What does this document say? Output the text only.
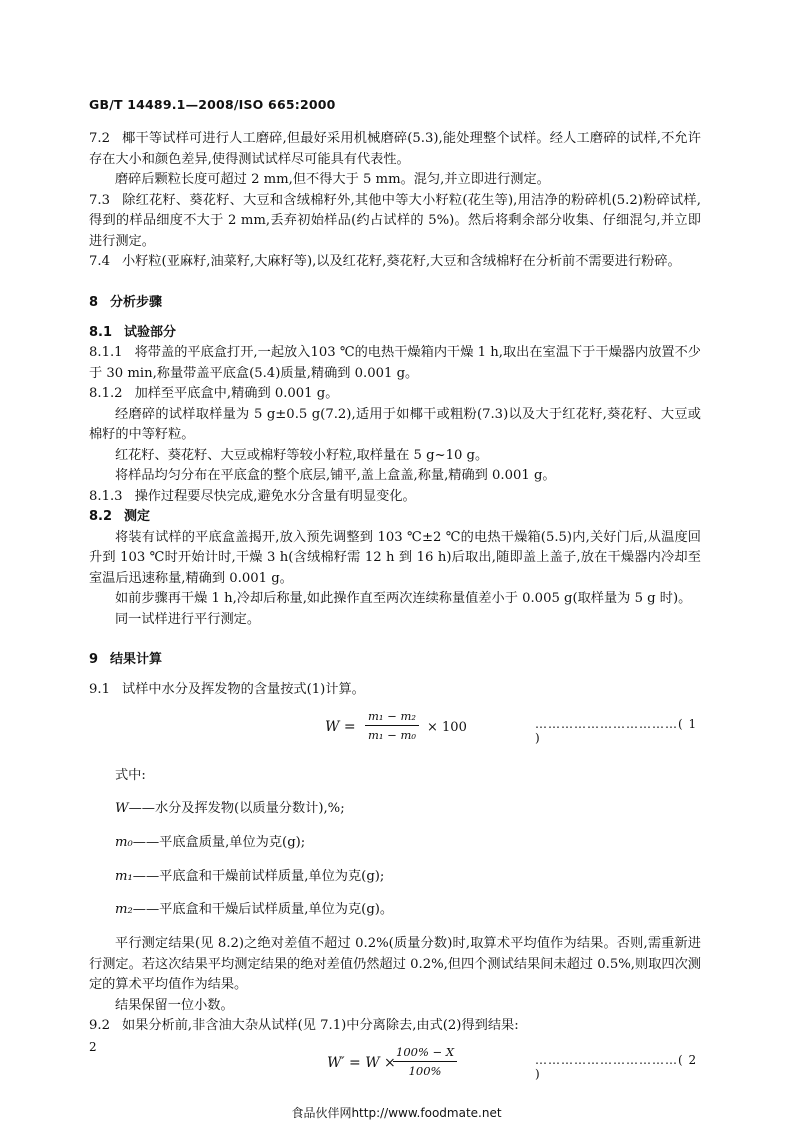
GB/T 14489.1—2008/ISO 665:2000

7.2 椰干等试样可进行人工磨碎,但最好采用机械磨碎(5.3),能处理整个试样。经人工磨碎的试样,不允许存在大小和颜色差异,使得测试试样尽可能具有代表性。

磨碎后颗粒长度可超过 2 mm,但不得大于 5 mm。混匀,并立即进行测定。

7.3 除红花籽、葵花籽、大豆和含绒棉籽外,其他中等大小籽粒(花生等),用洁净的粉碎机(5.2)粉碎试样,得到的样品细度不大于 2 mm,丢弃初始样品(约占试样的 5%)。然后将剩余部分收集、仔细混匀,并立即进行测定。

7.4 小籽粒(亚麻籽,油菜籽,大麻籽等),以及红花籽,葵花籽,大豆和含绒棉籽在分析前不需要进行粉碎。

8 分析步骤
8.1 试验部分

8.1.1 将带盖的平底盒打开,一起放入103 ℃的电热干燥箱内干燥 1 h,取出在室温下于干燥器内放置不少于 30 min,称量带盖平底盒(5.4)质量,精确到 0.001 g。

8.1.2 加样至平底盒中,精确到 0.001 g。

经磨碎的试样取样量为 5 g±0.5 g(7.2),适用于如椰干或粗粉(7.3)以及大于红花籽,葵花籽、大豆或棉籽的中等籽粒。

红花籽、葵花籽、大豆或棉籽等较小籽粒,取样量在 5 g~10 g。

将样品均匀分布在平底盒的整个底层,铺平,盖上盒盖,称量,精确到 0.001 g。

8.1.3 操作过程要尽快完成,避免水分含量有明显变化。

8.2 测定

将装有试样的平底盒盖揭开,放入预先调整到 103 ℃±2 ℃的电热干燥箱(5.5)内,关好门后,从温度回升到 103 ℃时开始计时,干燥 3 h(含绒棉籽需 12 h 到 16 h)后取出,随即盖上盖子,放在干燥器内冷却至室温后迅速称量,精确到 0.001 g。

如前步骤再干燥 1 h,冷却后称量,如此操作直至两次连续称量值差小于 0.005 g(取样量为 5 g 时)。

同一试样进行平行测定。

9 结果计算

9.1 试样中水分及挥发物的含量按式(1)计算。

$W = \frac{\text{m₁ − m₂}}{\text{m₁ − m₀}} \times 100$	……………………………( 1 )

式中:

W——水分及挥发物(以质量分数计),%;

m₀——平底盒质量,单位为克(g);

m₁——平底盒和干燥前试样质量,单位为克(g);

m₂——平底盒和干燥后试样质量,单位为克(g)。

平行测定结果(见 8.2)之绝对差值不超过 0.2%(质量分数)时,取算术平均值作为结果。否则,需重新进行测定。若这次结果平均测定结果的绝对差值仍然超过 0.2%,但四个测试结果间未超过 0.5%,则取四次测定的算术平均值作为结果。

结果保留一位小数。

9.2 如果分析前,非含油大杂从试样(见 7.1)中分离除去,由式(2)得到结果:

W′ = W ×
$\frac{100\% - X}{100\%}$	……………………………( 2 )
2
食品伙伴网http://www.foodmate.net
